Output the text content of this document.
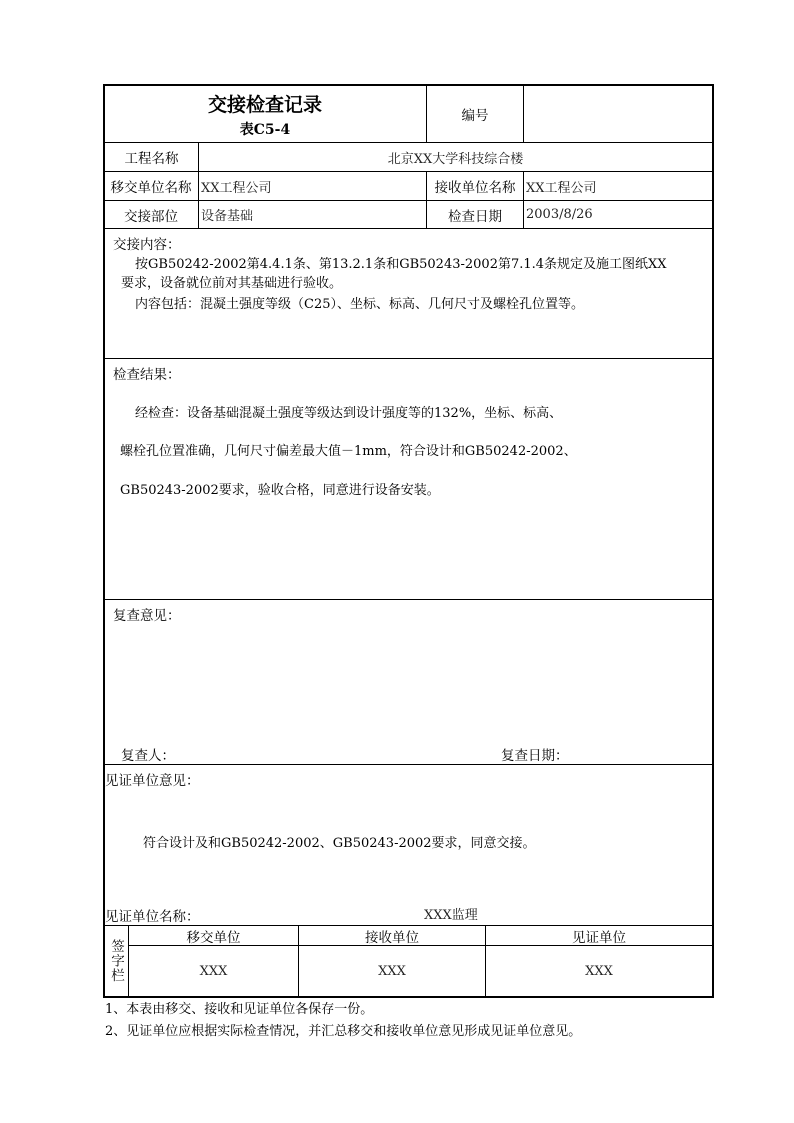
交接检查记录
表C5-4
编号
工程名称	北京XX大学科技综合楼
移交单位名称 XX工程公司	接收单位名称 XX工程公司
交接部位	设备基础	检查日期	2003/8/26
交接内容：
按GB50242-2002第4.4.1条、第13.2.1条和GB50243-2002第7.1.4条规定及施工图纸XX
要求，设备就位前对其基础进行验收。
内容包括：混凝土强度等级（C25）、坐标、标高、几何尺寸及螺栓孔位置等。
检查结果：
经检查：设备基础混凝土强度等级达到设计强度等的132%，坐标、标高、
螺栓孔位置准确，几何尺寸偏差最大值－1mm，符合设计和GB50242-2002、
GB50243-2002要求，验收合格，同意进行设备安装。
复查意见：
复查人：	复查日期：
见证单位意见：
符合设计及和GB50242-2002、GB50243-2002要求，同意交接。
见证单位名称：	XXX监理
签字栏
移交单位	接收单位	见证单位
XXX	XXX	XXX
1、本表由移交、接收和见证单位各保存一份。
2、见证单位应根据实际检查情况，并汇总移交和接收单位意见形成见证单位意见。
